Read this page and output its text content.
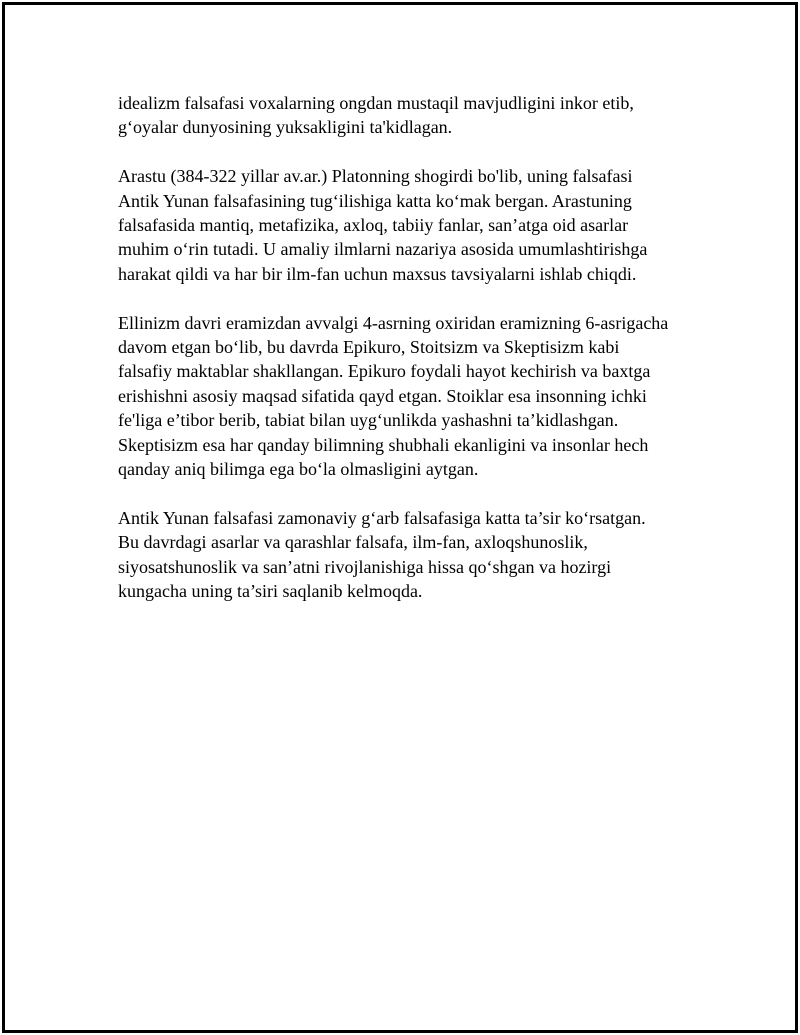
idealizm falsafasi voxalarning ongdan mustaqil mavjudligini inkor etib,
g‘oyalar dunyosining yuksakligini ta'kidlagan.

Arastu (384-322 yillar av.ar.) Platonning shogirdi bo'lib, uning falsafasi
Antik Yunan falsafasining tug‘ilishiga katta ko‘mak bergan. Arastuning
falsafasida mantiq, metafizika, axloq, tabiiy fanlar, san’atga oid asarlar
muhim o‘rin tutadi. U amaliy ilmlarni nazariya asosida umumlashtirishga
harakat qildi va har bir ilm-fan uchun maxsus tavsiyalarni ishlab chiqdi.

Ellinizm davri eramizdan avvalgi 4-asrning oxiridan eramizning 6-asrigacha
davom etgan bo‘lib, bu davrda Epikuro, Stoitsizm va Skeptisizm kabi
falsafiy maktablar shakllangan. Epikuro foydali hayot kechirish va baxtga
erishishni asosiy maqsad sifatida qayd etgan. Stoiklar esa insonning ichki
fe'liga e’tibor berib, tabiat bilan uyg‘unlikda yashashni ta’kidlashgan.
Skeptisizm esa har qanday bilimning shubhali ekanligini va insonlar hech
qanday aniq bilimga ega bo‘la olmasligini aytgan.

Antik Yunan falsafasi zamonaviy g‘arb falsafasiga katta ta’sir ko‘rsatgan.
Bu davrdagi asarlar va qarashlar falsafa, ilm-fan, axloqshunoslik,
siyosatshunoslik va san’atni rivojlanishiga hissa qo‘shgan va hozirgi
kungacha uning ta’siri saqlanib kelmoqda.
